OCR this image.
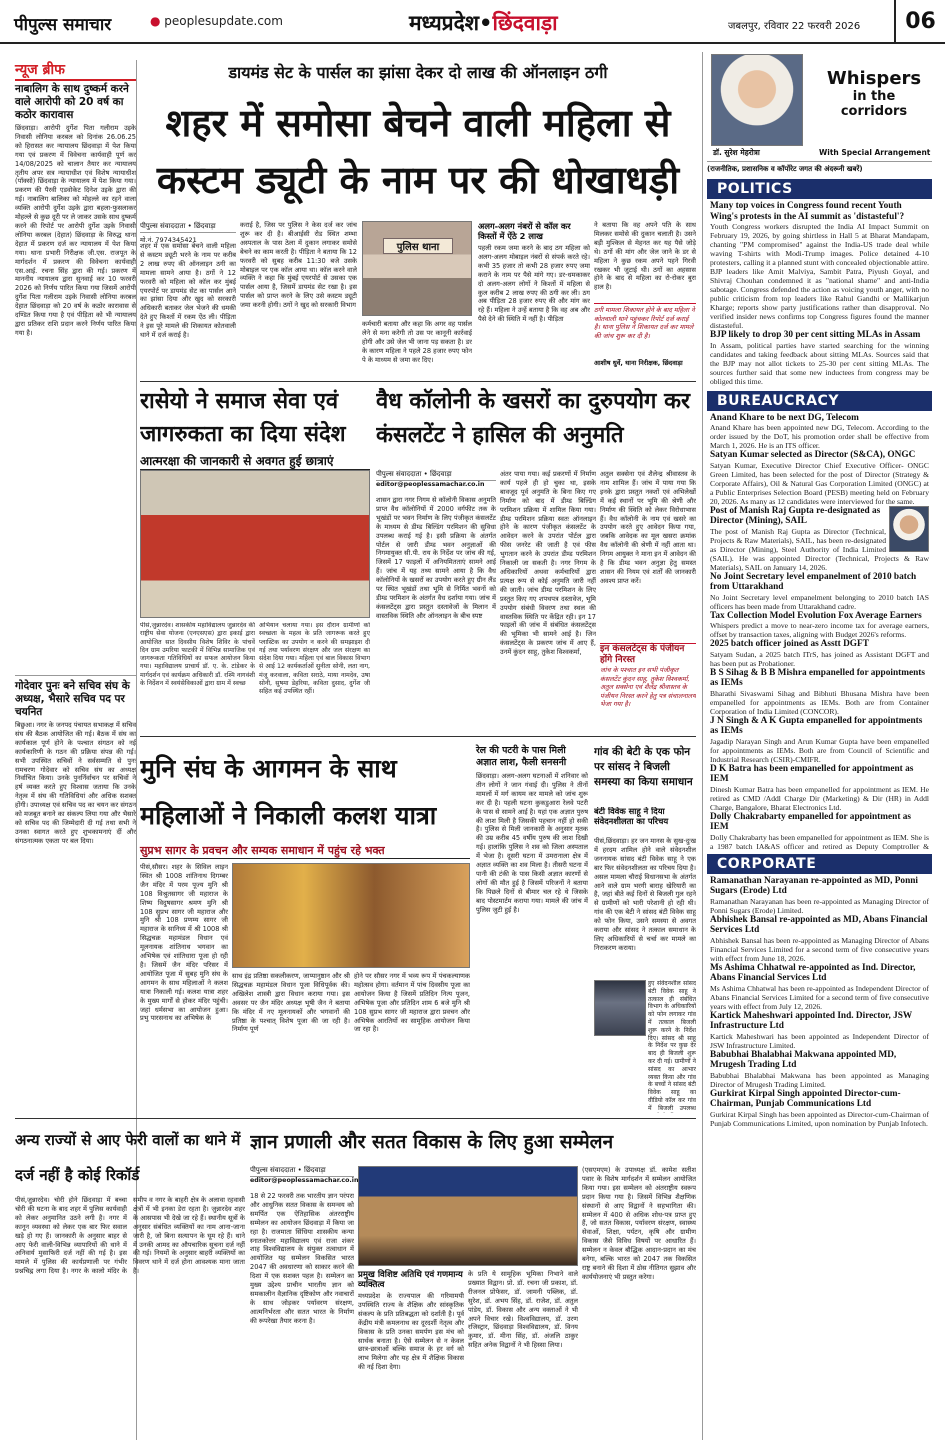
पीपुल्स समाचार	● peoplesupdate.com	मध्यप्रदेश•छिंदवाड़ा	जबलपुर, रविवार 22 फरवरी 2026	06
न्यूज ब्रीफ
नाबालिग के साथ दुष्कर्म करने वाले आरोपी को 20 वर्ष का कठोर कारावास
छिंदवाड़ा। आरोपी दुर्गेश पिता गलीराम उइके निवासी लोनिया करबल को दिनांक 26.06.25 को हिरासत कर न्यायालय छिंदवाड़ा में पेश किया गया एवं प्रकरण में विवेचना कार्यवाही पूर्ण कर 14/08/2025 को चालान तैयार कर न्यायालय तृतीय अपर सत्र न्यायाधीश एवं विशेष न्यायाधीश (पॉक्सो) छिंदवाड़ा के न्यायालय में पेश किया गया। प्रकरण की पैरवी एडवोकेट दिनेश उइके द्वारा की गई। नाबालिग बालिका को मोहल्ले का रहने वाला व्यक्ति आरोपी दुर्गेश उइके द्वारा बहला-फुसलाकर मोहल्ले से कुछ दूरी पर ले जाकर उसके साथ दुष्कर्म करने की रिपोर्ट पर आरोपी दुर्गेश उइके निवासी लोनिया करबल (देहात) छिंदवाड़ा के विरुद्ध थाना देहात में प्रकरण दर्ज कर न्यायालय में पेश किया गया। थाना प्रभारी निरीक्षक जी.एस. राजपूत के मार्गदर्शन में प्रकरण की विवेचना कार्यवाही एस.आई. रचना सिंह द्वारा की गई। प्रकरण में माननीय न्यायालय द्वारा सुनवाई कर 10 फरवरी 2026 को निर्णय पारित किया गया जिसमें आरोपी दुर्गेश पिता गलीराम उइके निवासी लोनिया करबल देहात छिंदवाड़ा को 20 वर्ष के कठोर कारावास से दण्डित किया गया है एवं पीड़िता को भी न्यायालय द्वारा प्रतिकर राशि प्रदान करने निर्णय पारित किया गया है।
गोदेवार पुनः बने सचिव संघ के अध्यक्ष, भैसारे सचिव पद पर चयनित
बिछुआ। नगर के जनपद पंचायत सभाकक्ष में सचिव संघ की बैठक आयोजित की गई। बैठक में संघ का कार्यकाल पूर्ण होने के पश्चात संगठन को नई कार्यकारिणी के गठन की प्रक्रिया संपन्न की गई। सभी उपस्थित सचिवों ने सर्वसम्मति से पुनः रामचरण गोदेवार को सचिव संघ का अध्यक्ष निर्वाचित किया। उनके पुनर्निर्वाचन पर सचिवों ने हर्ष व्यक्त करते हुए विश्वास जताया कि उनके नेतृत्व में संघ की गतिविधियां और अधिक सशक्त होंगी। उपाध्यक्ष एवं सचिव पद का चयन कर संगठन को मजबूत बनाने का संकल्प लिया गया और भैसारे को सचिव पद की जिम्मेदारी दी गई तथा सभी ने उनका स्वागत करते हुए शुभकामनाएं दीं और संगठनात्मक एकता पर बल दिया।
डायमंड सेट के पार्सल का झांसा देकर दो लाख की ऑनलाइन ठगी
शहर में समोसा बेचने वाली महिला से कस्टम ड्यूटी के नाम पर की धोखाधड़ी
पीपुल्स संवाददाता • छिंदवाड़ा
मो.नं. 7974345421
शहर में एक समोसा बेचने वाली महिला से कस्टम ड्यूटी भरने के नाम पर करीब 2 लाख रुपए की ऑनलाइन ठगी का मामला सामने आया है। ठगों ने 12 फरवरी को महिला को कॉल कर मुंबई एयरपोर्ट पर डायमंड सेट का पार्सल आने का झांसा दिया और खुद को सरकारी अधिकारी बताकर जेल भेजने की धमकी देते हुए किश्तों में रकम ऐंठ ली। पीड़िता ने इस पूरे मामले की शिकायत कोतवाली थाने में दर्ज कराई है।
कराई है, जिस पर पुलिस ने केस दर्ज कर जांच शुरू कर दी है। बीआईसी रोड स्थित शम्भा अस्पताल के पास ठेला में दुकान लगाकर समोसे बेचने का काम करती है। पीड़िता ने बताया कि 12 फरवरी को सुबह करीब 11:30 बजे उसके मोबाइल पर एक कॉल आया था। कॉल करने वाले व्यक्ति ने कहा कि मुंबई एयरपोर्ट से उसका एक पार्सल आया है, जिसमें डायमंड सेट रखा है। इस पार्सल को प्राप्त करने के लिए उसे कस्टम ड्यूटी जमा करनी होगी। ठगों ने खुद को सरकारी विभाग
पुलिस थाना
कर्मचारी बताया और कहा कि अगर वह पार्सल लेने से मना करेगी तो उस पर कानूनी कार्रवाई होगी और उसे जेल भी जाना पड़ सकता है। डर के कारण महिला ने पहले 28 हजार रुपए फोन पे के माध्यम से जमा कर दिए।
अलग-अलग नंबरों से कॉल कर किस्तों में ऐंठे 2 लाख
पहली रकम जमा करने के बाद ठग महिला को अलग-अलग मोबाइल नंबरों से संपर्क करते रहे। कभी 35 हजार तो कभी 28 हजार रुपए जमा कराने के नाम पर पैसे मांगे गए। डर-धमकाकर दो अलग-अलग लोगों ने किश्तों में महिला से कुल करीब 2 लाख रुपए की ठगी कर ली। ठग अब पीड़िता 28 हजार रुपए की और मांग कर रहे हैं। महिला ने उन्हें बताया है कि वह अब और पैसे देने की स्थिति में नहीं है। पीड़िता
ने बताया कि वह अपने पति के साथ मिलकर समोसे की दुकान चलाती है। उसने बड़ी मुश्किल से मेहनत कर यह पैसे जोड़े थे। ठगों की मांग और जेल जाने के डर से महिला ने कुछ रकम अपने पहने गिरवी रखकर भी जुटाई थी। ठगों का अहसास होने के बाद से महिला का रो-रोकर बुरा हाल है।
ठगी मामला शिकायत होने के बाद महिला ने कोतवाली थाने पहुंचकर रिपोर्ट दर्ज कराई है। थाना पुलिस ने शिकायत दर्ज कर मामले की जांच शुरू कर दी है।
आशीष धुर्वे, थाना निरीक्षक, छिंदवाड़ा
रासेयो ने समाज सेवा एवं जागरुकता का दिया संदेश
आत्मरक्षा की जानकारी से अवगत हुई छात्राएं
पीसं,जुन्नारदेव। शासकीय महाविद्यालय जुन्नारदेव की राष्ट्रीय सेवा योजना (एनएसएस) द्वारा इकाई द्वारा आयोजित सात दिवसीय विशेष शिविर के पांचवें दिन ग्राम उमरिया फाटकी में विभिन्न सामाजिक एवं जागरूकता गतिविधियों का सफल आयोजन किया गया। महाविद्यालय प्राचार्य डॉ. ए. के. टांडेकर के मार्गदर्शन एवं कार्यक्रम अधिकारी डॉ. रश्मि नागवंशी के निर्देशन में स्वयंसेविकाओं द्वारा ग्राम में स्वच्छ
अभियान चलाया गया। इस दौरान ग्रामीणों को स्वच्छता के महत्व के प्रति जागरूक करते हुए प्लास्टिक का उपयोग न करने की समझाइश दी गई तथा पर्यावरण संरक्षण और जल संरक्षण का संदेश दिया गया। महिला एवं बाल विकास विभाग से आई 12 कार्यकर्ताओं सुनीता सोनी, लता नाग, मंजू करवाला, कविता सराठे, माया नामदेव, उषा सोनी, सुषमा डेहरिया, कविता दुसाद, दुर्गेश जी सहित कई उपस्थित रहीं।
वैध कॉलोनी के खसरों का दुरुपयोग कर कंसलटेंट ने हासिल की अनुमति
पीपुल्स संवाददाता • छिंदवाड़ा
editor@peoplessamachar.co.in
शासन द्वारा नगर निगम से कॉलोनी विकास अनुमति प्राप्त वैध कॉलोनियों में 2000 वर्गफीट तक के भूखंडों पर भवन निर्माण के लिए पंजीकृत कंसलटेंट के माध्यम से डीम्ड बिल्डिंग परमिशन की सुविधा उपलब्ध कराई गई है। इसी प्रक्रिया के अंतर्गत पोर्टल से जारी डीम्ड भवन अनुज्ञाओं की निगमायुक्त सी.पी. राय के निर्देश पर जांच की गई, जिसमें 17 फाइलों में अनियमितताएं सामने आई हैं। जांच में यह तथ्य सामने आया है कि वैध कॉलोनियों के खसरों का उपयोग करते हुए ग्रीन लैंड पर स्थित भूखंडों तथा भूमि से निर्मित भवनों को डीम्ड परमिशन के अंतर्गत वैध दर्शाया गया। जांच में कंसलटेंट्स द्वारा प्रस्तुत दस्तावेजों के मिलान में वास्तविक स्थिति और ऑनलाइन के बीच स्पष्ट
अंतर पाया गया। कई प्रकरणों में निर्माण कार्य पहले ही हो चुका था, इसके बावजूद पूर्व अनुमति के बिना किए गए निर्माण को बाद में डीम्ड बिल्डिंग परमिशन प्रक्रिया में शामिल किया गया। डीम्ड परमिशन प्रक्रिया स्वतः ऑनलाइन होने के कारण पंजीकृत कंसलटेंट के आवेदन करने के उपरांत पोर्टल द्वारा फीस जनरेट की जाती है एवं फीस भुगतान करने के उपरांत डीम्ड परमिशन निकाली जा सकती है। नगर निगम के अधिकारियों अथवा कर्मचारियों द्वारा प्रत्यक्ष रूप से कोई अनुमति जारी नहीं की जाती। जांच डीम्ड परमिशन के लिए प्रस्तुत किए गए शपथपत्र दस्तावेज, भूमि उपयोग संबंधी विवरण तथा स्थल की वास्तविक स्थिति पर केंद्रित रही। इन 17 फाइलों की जांच में संबंधित कंसलटेंट्स की भूमिका भी सामने आई है। जिन कंसलटेंट्स के प्रकरण जांच में आए हैं, उनमें कुंदन साहू, तुकेश विश्वकर्मा,
अतुल सक्सेना एवं शैलेन्द्र श्रीवास्तव के नाम शामिल हैं। जांच में पाया गया कि इनके द्वारा प्रस्तुत नक्शों एवं अभिलेखों में कई स्थानों पर भूमि की श्रेणी और निर्माण की स्थिति को लेकर विरोधाभास हैं। वैध कॉलोनी के नाम एवं खसरे का उपयोग करते हुए आवेदन किया गया, जबकि आवेदक का मूल खसरा क्रमांक वैध कॉलोनी की श्रेणी में नहीं आता था। निगम आयुक्त ने माना इन में आवेदन की है कि डीम्ड भवन अनुज्ञा हेतु समस्त शासन की नियम एवं शर्तों की जानकारी अवश्य प्राप्त करें।
इन कंसलटेंट्स के पंजीयन होंगे निरस्त
जांच के पश्चात इन सभी पंजीकृत कंसलटेंट कुंदन साहू, तुकेश विश्वकर्मा, अतुल सक्सेना एवं शैलेंद्र श्रीवास्तव के पंजीयन निरस्त करने हेतु पत्र संचालनालय भेजा गया है।
मुनि संघ के आगमन के साथ महिलाओं ने निकाली कलश यात्रा
सुप्रभ सागर के प्रवचन और सम्यक समाधान में पहुंच रहे भक्त
पीसं,सौसर। शहर के सिविल लाइन स्थित श्री 1008 शांतिनाथ दिगम्बर जैन मंदिर में परम पूज्य मुनि श्री 108 विश्रुतसागर जी महाराज के शिष्य विदुषसागर श्रमण मुनि श्री 108 सुप्रभ सागर जी महाराज और मुनि श्री 108 प्रणम्य सागर जी महाराज के सानिध्य में श्री 1008 श्री सिद्धचक्र महामंडल विधान एवं मूलनायक शांतिनाथ भगवान का अभिषेक एवं शांतिधारा पूजा हो रही है। जिसमें जैन मंदिर परिसर में आयोजित पूजा में सुबह मुनि संघ के आगमन के साथ महिलाओं ने कलश यात्रा निकाली गई। कलश यात्रा शहर के मुख्य मार्गों से होकर मंदिर पहुंची। जहां धर्मसभा का आयोजन हुआ। प्रभु पारसनाथ का अभिषेक के
साथ इंद्र प्रतिष्ठा सकलीकरण, जाप्यानुष्ठान और श्री सिद्धचक्र महामंडल विधान पूजा विधिपूर्वक की। अखिलेश शास्त्री द्वारा विधान कराया गया। इस अवसर पर जैन मंदिर अध्यक्ष भूषी जैन ने बताया कि मंदिर में नए मूलनायकों और भगवानों की प्रतिष्ठा के पश्चात् विशेष पूजा की जा रही है। निर्माण पूर्ण
होने पर सौसर नगर में भव्य रूप में पंचकल्याणक महोत्सव होगा। वर्तमान में पांच दिवसीय पूजा का आयोजन किया है जिसमें प्रतिदिन नित्य पूजन, अभिषेक पूजा और प्रतिदिन शाम 6 बजे मुनि श्री 108 सुप्रभ सागर जी महाराज द्वारा प्रवचन और अभिषेक आरतियों का सामूहिक आयोजन किया जा रहा है।
रेल की पटरी के पास मिली अज्ञात लाश, फैली सनसनी
छिंदवाड़ा। अलग-अलग घटनाओं में शनिवार को तीन लोगों ने जान गंवाई दी। पुलिस ने तीनों मामलों में मर्ग कायम कर मामले को जांच शुरू कर दी है। पहली घटना कुकडुआरा रेलवे पटरी के पास से सामने आई है। यहां एक अज्ञात पुरुष की लाश मिली है जिसकी पहचान नहीं हो सकी है। पुलिस से मिली जानकारी के अनुसार मृतक की उम्र करीब 45 वर्षीय पुरुष की लाश दिखी गई। हालांकि पुलिस ने शव को जिला अस्पताल में भेजा है। दूसरी घटना में उमरानाला क्षेत्र में अज्ञात व्यक्ति का शव मिला है। तीसरी घटना में पानी की टंकी के पास किसी अज्ञात कारणों से लोगों की मौत हुई है जिसमें परिजनों ने बताया कि पिछले दिनों से बीमार चल रहे थे जिसके बाद पोस्टमार्टम कराया गया। मामले की जांच में पुलिस जुटी हुई है।
गांव की बेटी के एक फोन पर सांसद ने बिजली समस्या का किया समाधान
बंटी विवेक साहू ने दिया संवेदनशीलता का परिचय
पीसं,छिंदवाड़ा। हर जन मानस के सुख-दुःख में हरदम शामिल होने वाले संवेदनशील जननायक सांसद बंटी विवेक साहू ने एक बार फिर संवेदनशीलता का परिचय दिया है। असल मामला चौराई विधानसभा के अंतर्गत आने वाले ग्राम भरगी बाराह खेरियारी का है, जहां बीते कई दिनों से बिजली गुल रहने से ग्रामीणों को भारी परेशानी हो रही थी। गांव की एक बेटी ने सांसद बंटी विवेक साहू को फोन किया, उसने समस्या से अवगत कराया और सांसद ने तत्काल समाधान के लिए अधिकारियों से चर्चा कर मामले का निराकरण कराया।
हुए संवेदनशील सांसद बंटी विवेक साहू ने तत्काल ही संबंधित विभाग के अधिकारियों को फोन लगाकर गांव में तत्काल बिजली शुरू करने के निर्देश दिए। सांसद श्री साहू के निर्देश पर कुछ देर बाद ही बिजली शुरू कर दी गई। ग्रामीणों ने सांसद का आभार व्यक्त किया और गांव के बच्चों ने सांसद बंटी विवेक साहू का वीडियो कॉल कर गांव में बिजली उपलब्ध
अन्य राज्यों से आए फेरी वालों का थाने में दर्ज नहीं है कोई रिकॉर्ड
पीसं,जुन्नारदेव। चोरी होने छिंदवाड़ा में बच्चा चोरी की घटना के बाद शहर में पुलिस कार्यवाही को लेकर अनुमानित उठने लगी है। नगर में कानून व्यवस्था को लेकर एक बार फिर सवाल खड़े हो गए हैं। जानकारी के अनुसार बाहर से आए फेरी वाली-विभिन्न व्यापारियों की थाने में अनिवार्य मुसाफिरी दर्ज नहीं की गई है। इस मामले में पुलिस की कार्यप्रणाली पर गंभीर प्रश्नचिह्न लगा दिया है। नगर के कालो मंदिर के समीप व नगर के बाहरी क्षेत्र के अलावा रहवासी क्षेत्रों में भी इनका डेरा रहता है। जुन्नारदेव शहर के आसपास भी देखे जा रहे हैं। स्थानीय सूत्रों के अनुसार संबंधित व्यक्तियों का नाम आना-जाना जारी है, जो बिना सत्यापन के घूम रहे हैं। थाने में उनकी आमद का औपचारिक सूचना दर्ज नहीं की गई। नियमों के अनुसार बाहरी व्यक्तियों का विवरण थाने में दर्ज होना आवश्यक माना जाता है।
ज्ञान प्रणाली और सतत विकास के लिए हुआ सम्मेलन
पीपुल्स संवाददाता • छिंदवाड़ा
editor@peoplessamachar.co.in
18 से 22 फरवरी तक भारतीय ज्ञान परंपरा और आधुनिक सतत विकास के समन्वय को समर्पित एक ऐतिहासिक अंतरराष्ट्रीय सम्मेलन का आयोजन छिंदवाड़ा में किया जा रहा है। राजमाता सिंधिया शासकीय कन्या स्नातकोत्तर महाविद्यालय एवं राजा शंकर शाह विश्वविद्यालय के संयुक्त तत्वाधान में आयोजित यह सम्मेलन विकसित भारत 2047 की अवधारणा को साकार करने की दिशा में एक सशक्त पहल है। सम्मेलन का मुख्य उद्देश्य प्राचीन भारतीय ज्ञान को समकालीन वैज्ञानिक दृष्टिकोण और नवाचारों के साथ जोड़कर पर्यावरण संरक्षण, आत्मनिर्भरता और सतत भारत के निर्माण की रूपरेखा तैयार करना है।
प्रमुख विशिष्ट अतिथि एवं गणमान्य व्यक्तित्व
मध्यप्रदेश के राज्यपाल की गरिमामयी उपस्थिति राज्य के शैक्षिक और सांस्कृतिक संकल्प के प्रति प्रतिबद्धता को दर्शाती है। पूर्व केंद्रीय मंत्री कमलनाथ का दूरदर्शी नेतृत्व और विकास के प्रति उनका समर्पण इस मंच को सार्थक बनाता है। ऐसे सम्मेलन से न केवल छात्र-छात्राओं बल्कि समाज के हर वर्ग को लाभ मिलेगा और यह क्षेत्र में शैक्षिक विकास की नई दिशा देगा।
के प्रति ये सामूहिक भूमिका निभाने वाले प्रख्यात विद्वान। प्रो. डॉ. रचना जी प्रकाश, डॉ. रीजनल प्रोफेसर, डॉ. जामनी पब्लिक, डॉ. सुरेश, डॉ. अभय सिंह, डॉ. राजेश, डॉ. अतुल पांडेय, डॉ. विकास और अन्य वक्ताओं ने भी अपने विचार रखे। विश्वविद्यालय, डॉ. उरण रजिस्ट्रार, छिंदवाड़ा विश्वविद्यालय, डॉ. विनय कुमार, डॉ. मीना सिंह, डॉ. अंजलि ठाकुर सहित अनेक विद्वानों ने भी हिस्सा लिया।
(एसएमएम) के उपाध्यक्ष डॉ. कामेश सतीश पवार के विशेष मार्गदर्शन में सम्मेलन आयोजित किया गया। इस सम्मेलन को अंतराष्ट्रीय स्वरूप प्रदान किया गया है। जिसमें विभिन्न शैक्षणिक संस्थानों से आए विद्वानों ने सहभागिता की। सम्मेलन में 400 से अधिक शोध-पत्र प्राप्त हुए हैं, जो सतत विकास, पर्यावरण संरक्षण, स्वास्थ्य सेवाओं, शिक्षा, पर्यटन, कृषि और ग्रामीण विकास जैसे विविध विषयों पर आधारित हैं। सम्मेलन न केवल बौद्धिक आदान-प्रदान का मंच बनेगा, बल्कि भारत को 2047 तक विकसित राष्ट्र बनाने की दिशा में ठोस नीतिगत सुझाव और कार्ययोजनाएं भी प्रस्तुत करेगा।
Whispers
in the corridors
डॉ. सुरेश मेहरोत्रा	With Special Arrangement
(राजनीतिक, प्रशासनिक व कॉर्पोरेट जगत की अंदरूनी खबरें)
POLITICS
Many top voices in Congress found recent Youth Wing's protests in the AI summit as 'distasteful'?
Youth Congress workers disrupted the India AI Impact Summit on February 19, 2026, by going shirtless in Hall 5 at Bharat Mandapam, chanting "PM compromised" against the India-US trade deal while waving T-shirts with Modi-Trump images. Police detained 4-10 protesters, calling it a planned stunt with concealed objectionable attire. BJP leaders like Amit Malviya, Sambit Patra, Piyush Goyal, and Shivraj Chouhan condemned it as "national shame" and anti-India sabotage. Congress defended the action as voicing youth anger, with no public criticism from top leaders like Rahul Gandhi or Mallikarjun Kharge; reports show party justifications rather than disapproval. No verified insider news confirms top Congress figures found the manner distasteful.
BJP likely to drop 30 per cent sitting MLAs in Assam
In Assam, political parties have started searching for the winning candidates and taking feedback about sitting MLAs. Sources said that the BJP may not allot tickets to 25-30 per cent sitting MLAs. The sources further said that some new inductees from congress may be obliged this time.
BUREAUCRACY
Anand Khare to be next DG, Telecom
Anand Khare has been appointed new DG, Telecom. According to the order issued by the DoT, his promotion order shall be effective from March 1, 2026. He is an ITS officer.
Satyan Kumar selected as Director (S&CA), ONGC
Satyan Kumar, Executive Director Chief Executive Officer- ONGC Green Limited, has been selected for the post of Director (Strategy & Corporate Affairs), Oil & Natural Gas Corporation Limited (ONGC) at a Public Enterprises Selection Board (PESB) meeting held on February 20, 2026. As many as 12 candidates were interviewed for the same.
Post of Manish Raj Gupta re-designated as Director (Mining), SAIL
The post of Manish Raj Gupta as Director (Technical, Projects & Raw Materials), SAIL, has been re-designated as Director (Mining), Steel Authority of India Limited (SAIL). He was appointed Director (Technical, Projects & Raw Materials), SAIL on January 14, 2026.
No Joint Secretary level empanelment of 2010 batch from Uttarakhand
No Joint Secretary level empanelment belonging to 2010 batch IAS officers has been made from Uttarakhand cadre.
Tax Collection Model Evolution Fox Average Earners
Whispers predict a move to near-zero income tax for average earners, offset by transaction taxes, aligning with Budget 2026's reforms.
2025 batch officer joined as Asstt DGFT
Satyam Sudan, a 2025 batch ITrS, has joined as Assistant DGFT and has been put as Probationer.
B S Sihag & B B Mishra empanelled for appointments as IEMs
Bharathi Sivaswami Sihag and Bibhuti Bhusana Mishra have been empanelled for appointments as IEMs. Both are from Container Corporation of India Limited (CONCOR).
J N Singh & A K Gupta empanelled for appointments as IEMs
Jagadip Narayan Singh and Arun Kumar Gupta have been empanelled for appointments as IEMs. Both are from Council of Scientific and Industrial Research (CSIR)-CMIFR.
D K Batra has been empanelled for appointment as IEM
Dinesh Kumar Batra has been empanelled for appointment as IEM. He retired as CMD /Addl Charge Dir (Marketing) & Dir (HR) in Addl Charge, Bangalore, Bharat Electronics Ltd.
Dolly Chakrabarty empanelled for appointment as IEM
Dolly Chakrabarty has been empanelled for appointment as IEM. She is a 1987 batch IA&AS officer and retired as Deputy Comptroller &
CORPORATE
Ramanathan Narayanan re-appointed as MD, Ponni Sugars (Erode) Ltd
Ramanathan Narayanan has been re-appointed as Managing Director of Ponni Sugars (Erode) Limited.
Abhishek Bansal re-appointed as MD, Abans Financial Services Ltd
Abhishek Bansal has been re-appointed as Managing Director of Abans Financial Services Limited for a second term of five consecutive years with effect from June 18, 2026.
Ms Ashima Chhatwal re-appointed as Ind. Director, Abans Financial Services Ltd
Ms Ashima Chhatwal has been re-appointed as Independent Director of Abans Financial Services Limited for a second term of five consecutive years with effect from July 12, 2026.
Kartick Maheshwari appointed Ind. Director, JSW Infrastructure Ltd
Kartick Maheshwari has been appointed as Independent Director of JSW Infrastructure Limited.
Babubhai Bhalabhai Makwana appointed MD, Mrugesh Trading Ltd
Babubhai Bhalabhai Makwana has been appointed as Managing Director of Mrugesh Trading Limited.
Gurkirat Kirpal Singh appointed Director-cum-Chairman, Punjab Communications Ltd
Gurkirat Kirpal Singh has been appointed as Director-cum-Chairman of Punjab Communications Limited, upon nomination by Punjab Infotech.
